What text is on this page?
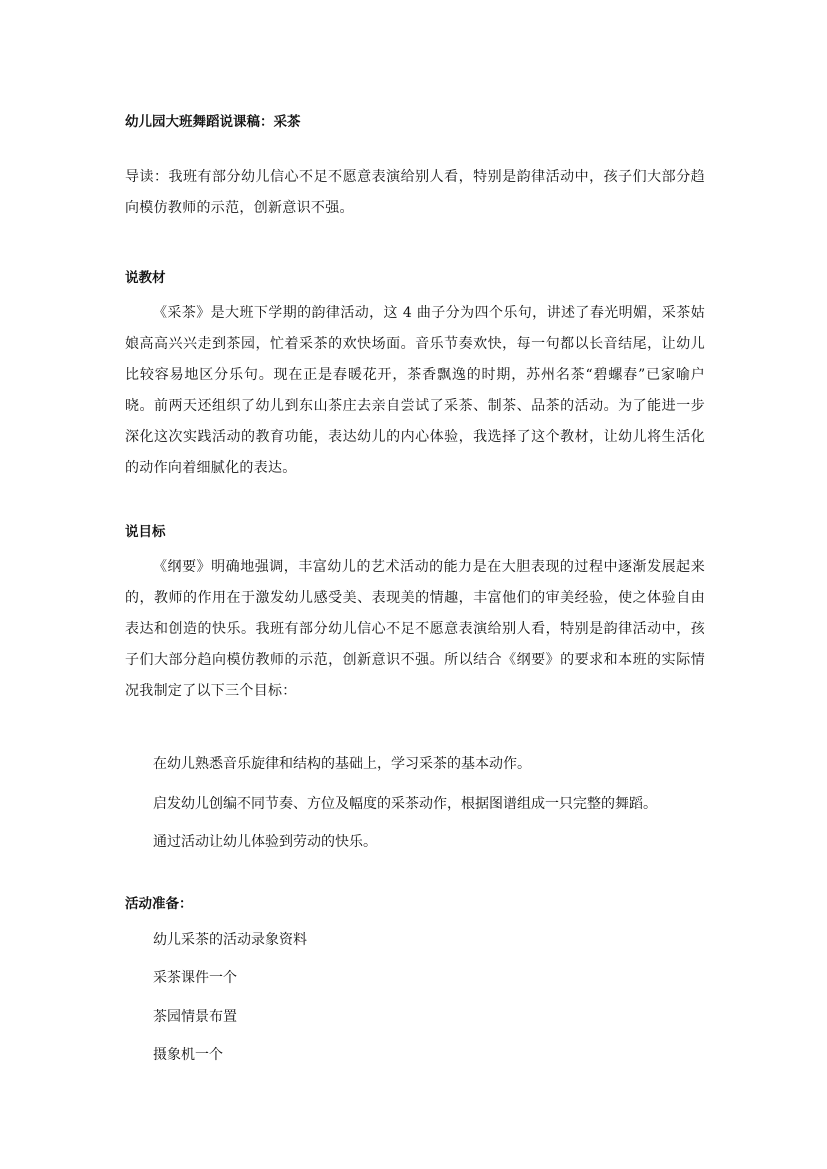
幼儿园大班舞蹈说课稿：采茶
导读：我班有部分幼儿信心不足不愿意表演给别人看，特别是韵律活动中，孩子们大部分趋向模仿教师的示范，创新意识不强。
说教材
《采茶》是大班下学期的韵律活动，这 4 曲子分为四个乐句，讲述了春光明媚，采茶姑娘高高兴兴走到茶园，忙着采茶的欢快场面。音乐节奏欢快，每一句都以长音结尾，让幼儿比较容易地区分乐句。现在正是春暖花开，茶香飘逸的时期，苏州名茶“碧螺春”已家喻户晓。前两天还组织了幼儿到东山茶庄去亲自尝试了采茶、制茶、品茶的活动。为了能进一步深化这次实践活动的教育功能，表达幼儿的内心体验，我选择了这个教材，让幼儿将生活化的动作向着细腻化的表达。
说目标
《纲要》明确地强调，丰富幼儿的艺术活动的能力是在大胆表现的过程中逐渐发展起来的，教师的作用在于激发幼儿感受美、表现美的情趣，丰富他们的审美经验，使之体验自由表达和创造的快乐。我班有部分幼儿信心不足不愿意表演给别人看，特别是韵律活动中，孩子们大部分趋向模仿教师的示范，创新意识不强。所以结合《纲要》的要求和本班的实际情况我制定了以下三个目标：
在幼儿熟悉音乐旋律和结构的基础上，学习采茶的基本动作。
启发幼儿创编不同节奏、方位及幅度的采茶动作，根据图谱组成一只完整的舞蹈。
通过活动让幼儿体验到劳动的快乐。
活动准备：
幼儿采茶的活动录象资料
采茶课件一个
茶园情景布置
摄象机一个
